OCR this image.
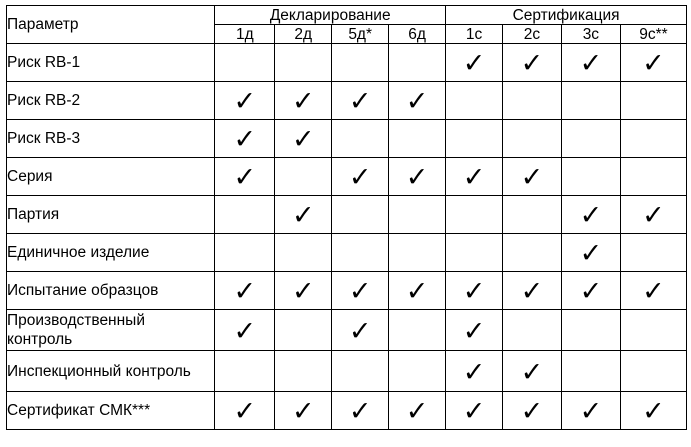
Параметр	Декларирование				Сертификация			
	1д	2д	5д*	6д	1с	2с	3с	9с**
Риск RB-1					✓	✓	✓	✓
Риск RB-2	✓	✓	✓	✓				
Риск RB-3	✓	✓						
Серия	✓		✓	✓	✓	✓		
Партия		✓					✓	✓
Единичное изделие							✓	
Испытание образцов	✓	✓	✓	✓	✓	✓	✓	✓
Производственный контроль	✓		✓		✓			
Инспекционный контроль					✓	✓		
Сертификат СМК***	✓	✓	✓	✓	✓	✓	✓	✓
